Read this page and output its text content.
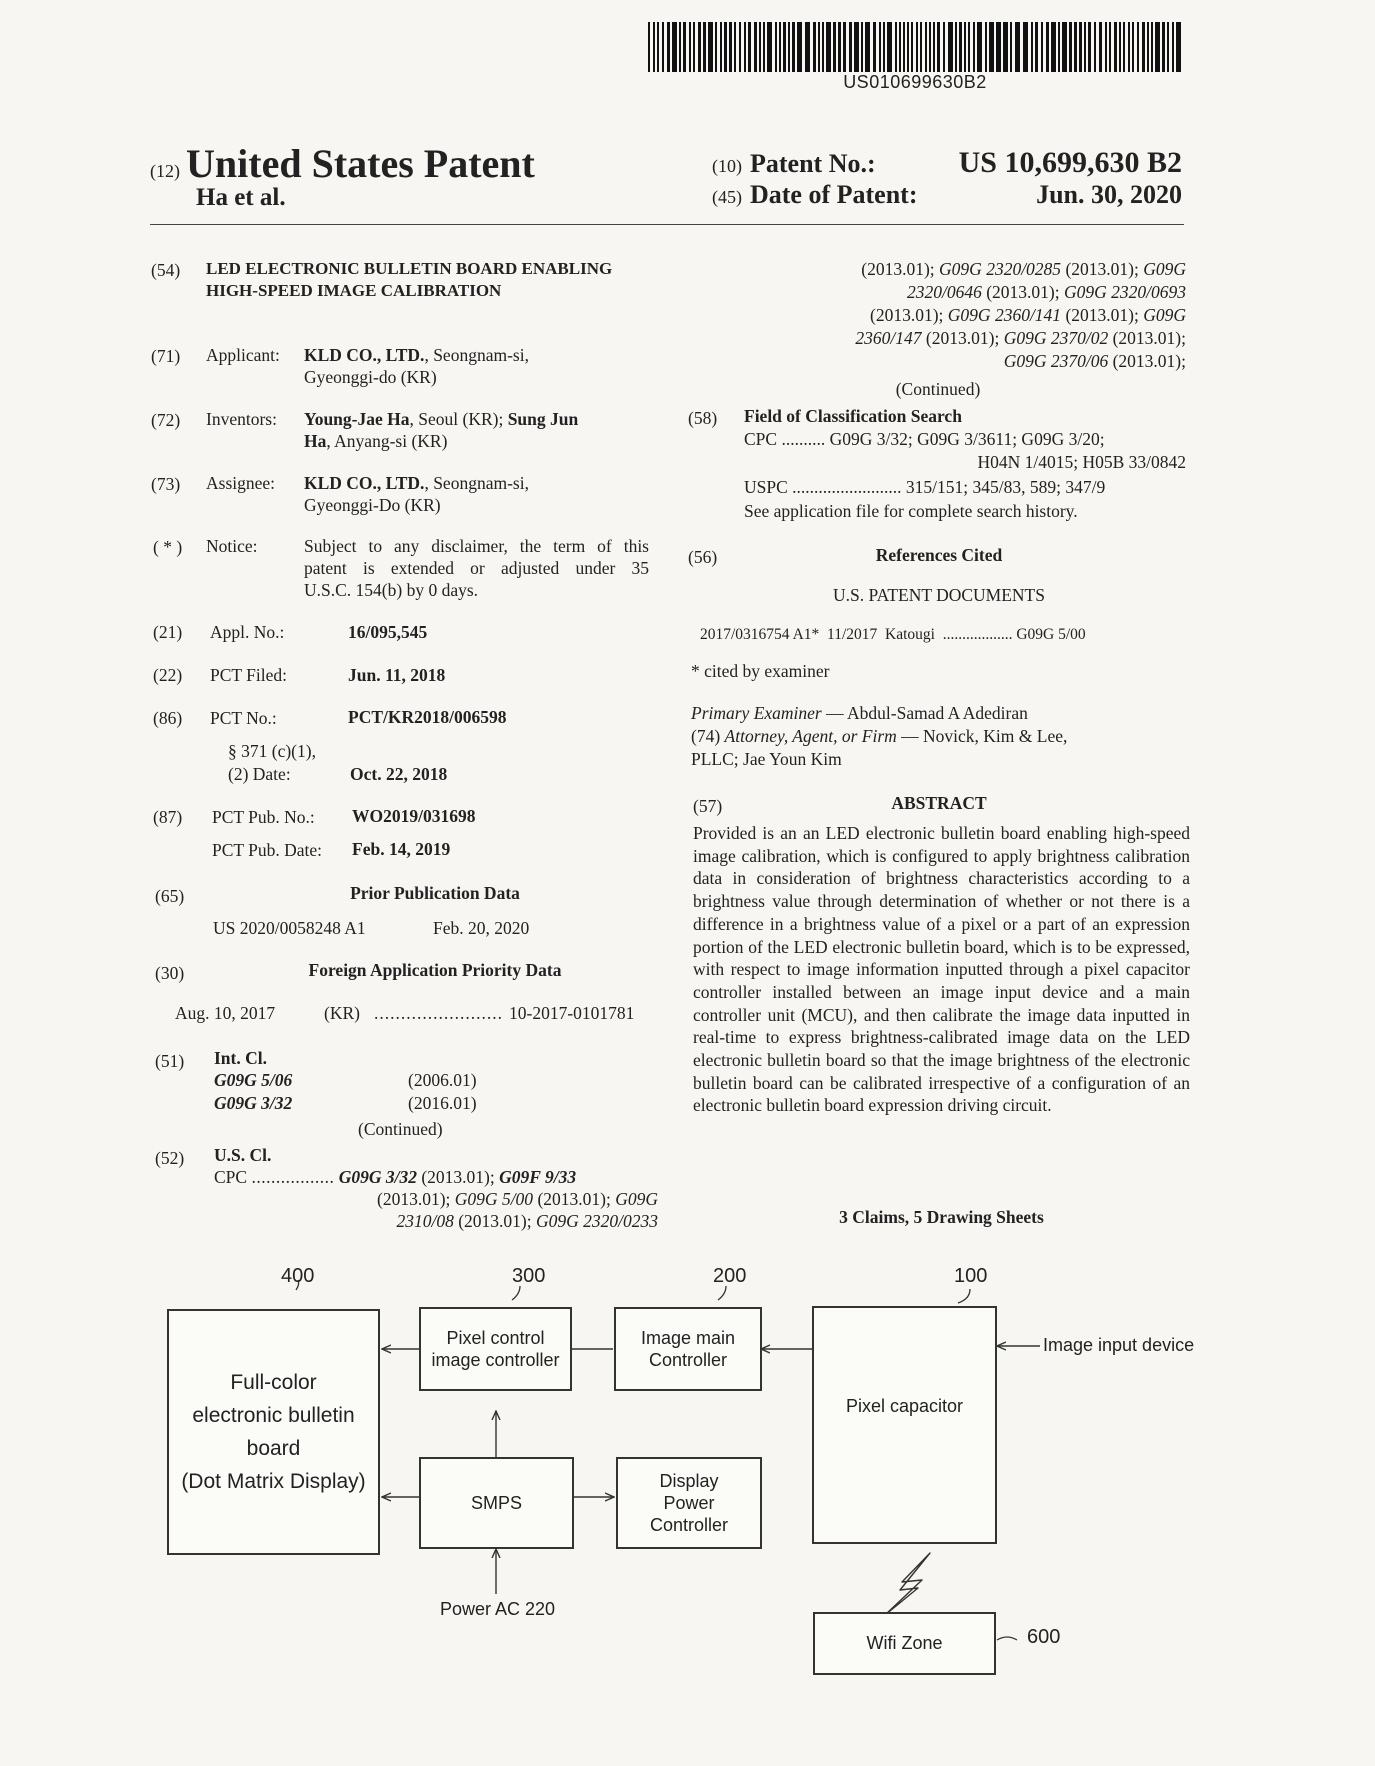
US010699630B2
(12) United States Patent
Ha et al.
(10) Patent No.:	US 10,699,630 B2
(45) Date of Patent:	Jun. 30, 2020
(54) LED ELECTRONIC BULLETIN BOARD ENABLING HIGH-SPEED IMAGE CALIBRATION
(71) Applicant: KLD CO., LTD., Seongnam-si,
Gyeonggi-do (KR)
(72) Inventors: Young-Jae Ha, Seoul (KR); Sung Jun
Ha, Anyang-si (KR)
(73) Assignee: KLD CO., LTD., Seongnam-si,
Gyeonggi-Do (KR)
( * ) Notice:	Subject to any disclaimer, the term of this
patent is extended or adjusted under 35
U.S.C. 154(b) by 0 days.
(21) Appl. No.:	16/095,545
(22) PCT Filed:	Jun. 11, 2018
(86) PCT No.:	PCT/KR2018/006598
§ 371 (c)(1),
(2) Date:	Oct. 22, 2018
(87) PCT Pub. No.: WO2019/031698
PCT Pub. Date: Feb. 14, 2019
(65)	Prior Publication Data
US 2020/0058248 A1	Feb. 20, 2020
(30)	Foreign Application Priority Data
Aug. 10, 2017	(KR) ........................ 10-2017-0101781
(51) Int. Cl.
G09G 5/06	(2006.01)
G09G 3/32	(2016.01)
(Continued)
(52) U.S. Cl.
CPC ................. G09G 3/32 (2013.01); G09F 9/33
(2013.01); G09G 5/00 (2013.01); G09G
2310/08 (2013.01); G09G 2320/0233
(2013.01); G09G 2320/0285 (2013.01); G09G
2320/0646 (2013.01); G09G 2320/0693
(2013.01); G09G 2360/141 (2013.01); G09G
2360/147 (2013.01); G09G 2370/02 (2013.01);
G09G 2370/06 (2013.01);
(Continued)
(58) Field of Classification Search
CPC .......... G09G 3/32; G09G 3/3611; G09G 3/20;
H04N 1/4015; H05B 33/0842
USPC ......................... 315/151; 345/83, 589; 347/9
See application file for complete search history.
(56)	References Cited
U.S. PATENT DOCUMENTS
2017/0316754 A1* 11/2017 Katougi .................. G09G 5/00
* cited by examiner
Primary Examiner — Abdul-Samad A Adediran
(74) Attorney, Agent, or Firm — Novick, Kim & Lee,
PLLC; Jae Youn Kim
(57)	ABSTRACT
Provided is an an LED electronic bulletin board enabling high-speed image calibration, which is configured to apply brightness calibration data in consideration of brightness characteristics according to a brightness value through determination of whether or not there is a difference in a brightness value of a pixel or a part of an expression portion of the LED electronic bulletin board, which is to be expressed, with respect to image information inputted through a pixel capacitor controller installed between an image input device and a main controller unit (MCU), and then calibrate the image data inputted in real-time to express brightness-calibrated image data on the LED electronic bulletin board so that the image brightness of the electronic bulletin board can be calibrated irrespective of a configuration of an electronic bulletin board expression driving circuit.
3 Claims, 5 Drawing Sheets
400	300	200	100
Full-color
electronic bulletin
board
(Dot Matrix Display)
Pixel control
image controller
Image main
Controller
Pixel capacitor
SMPS
Display
Power
Controller
Wifi Zone
Image input device
Power AC 220
600
